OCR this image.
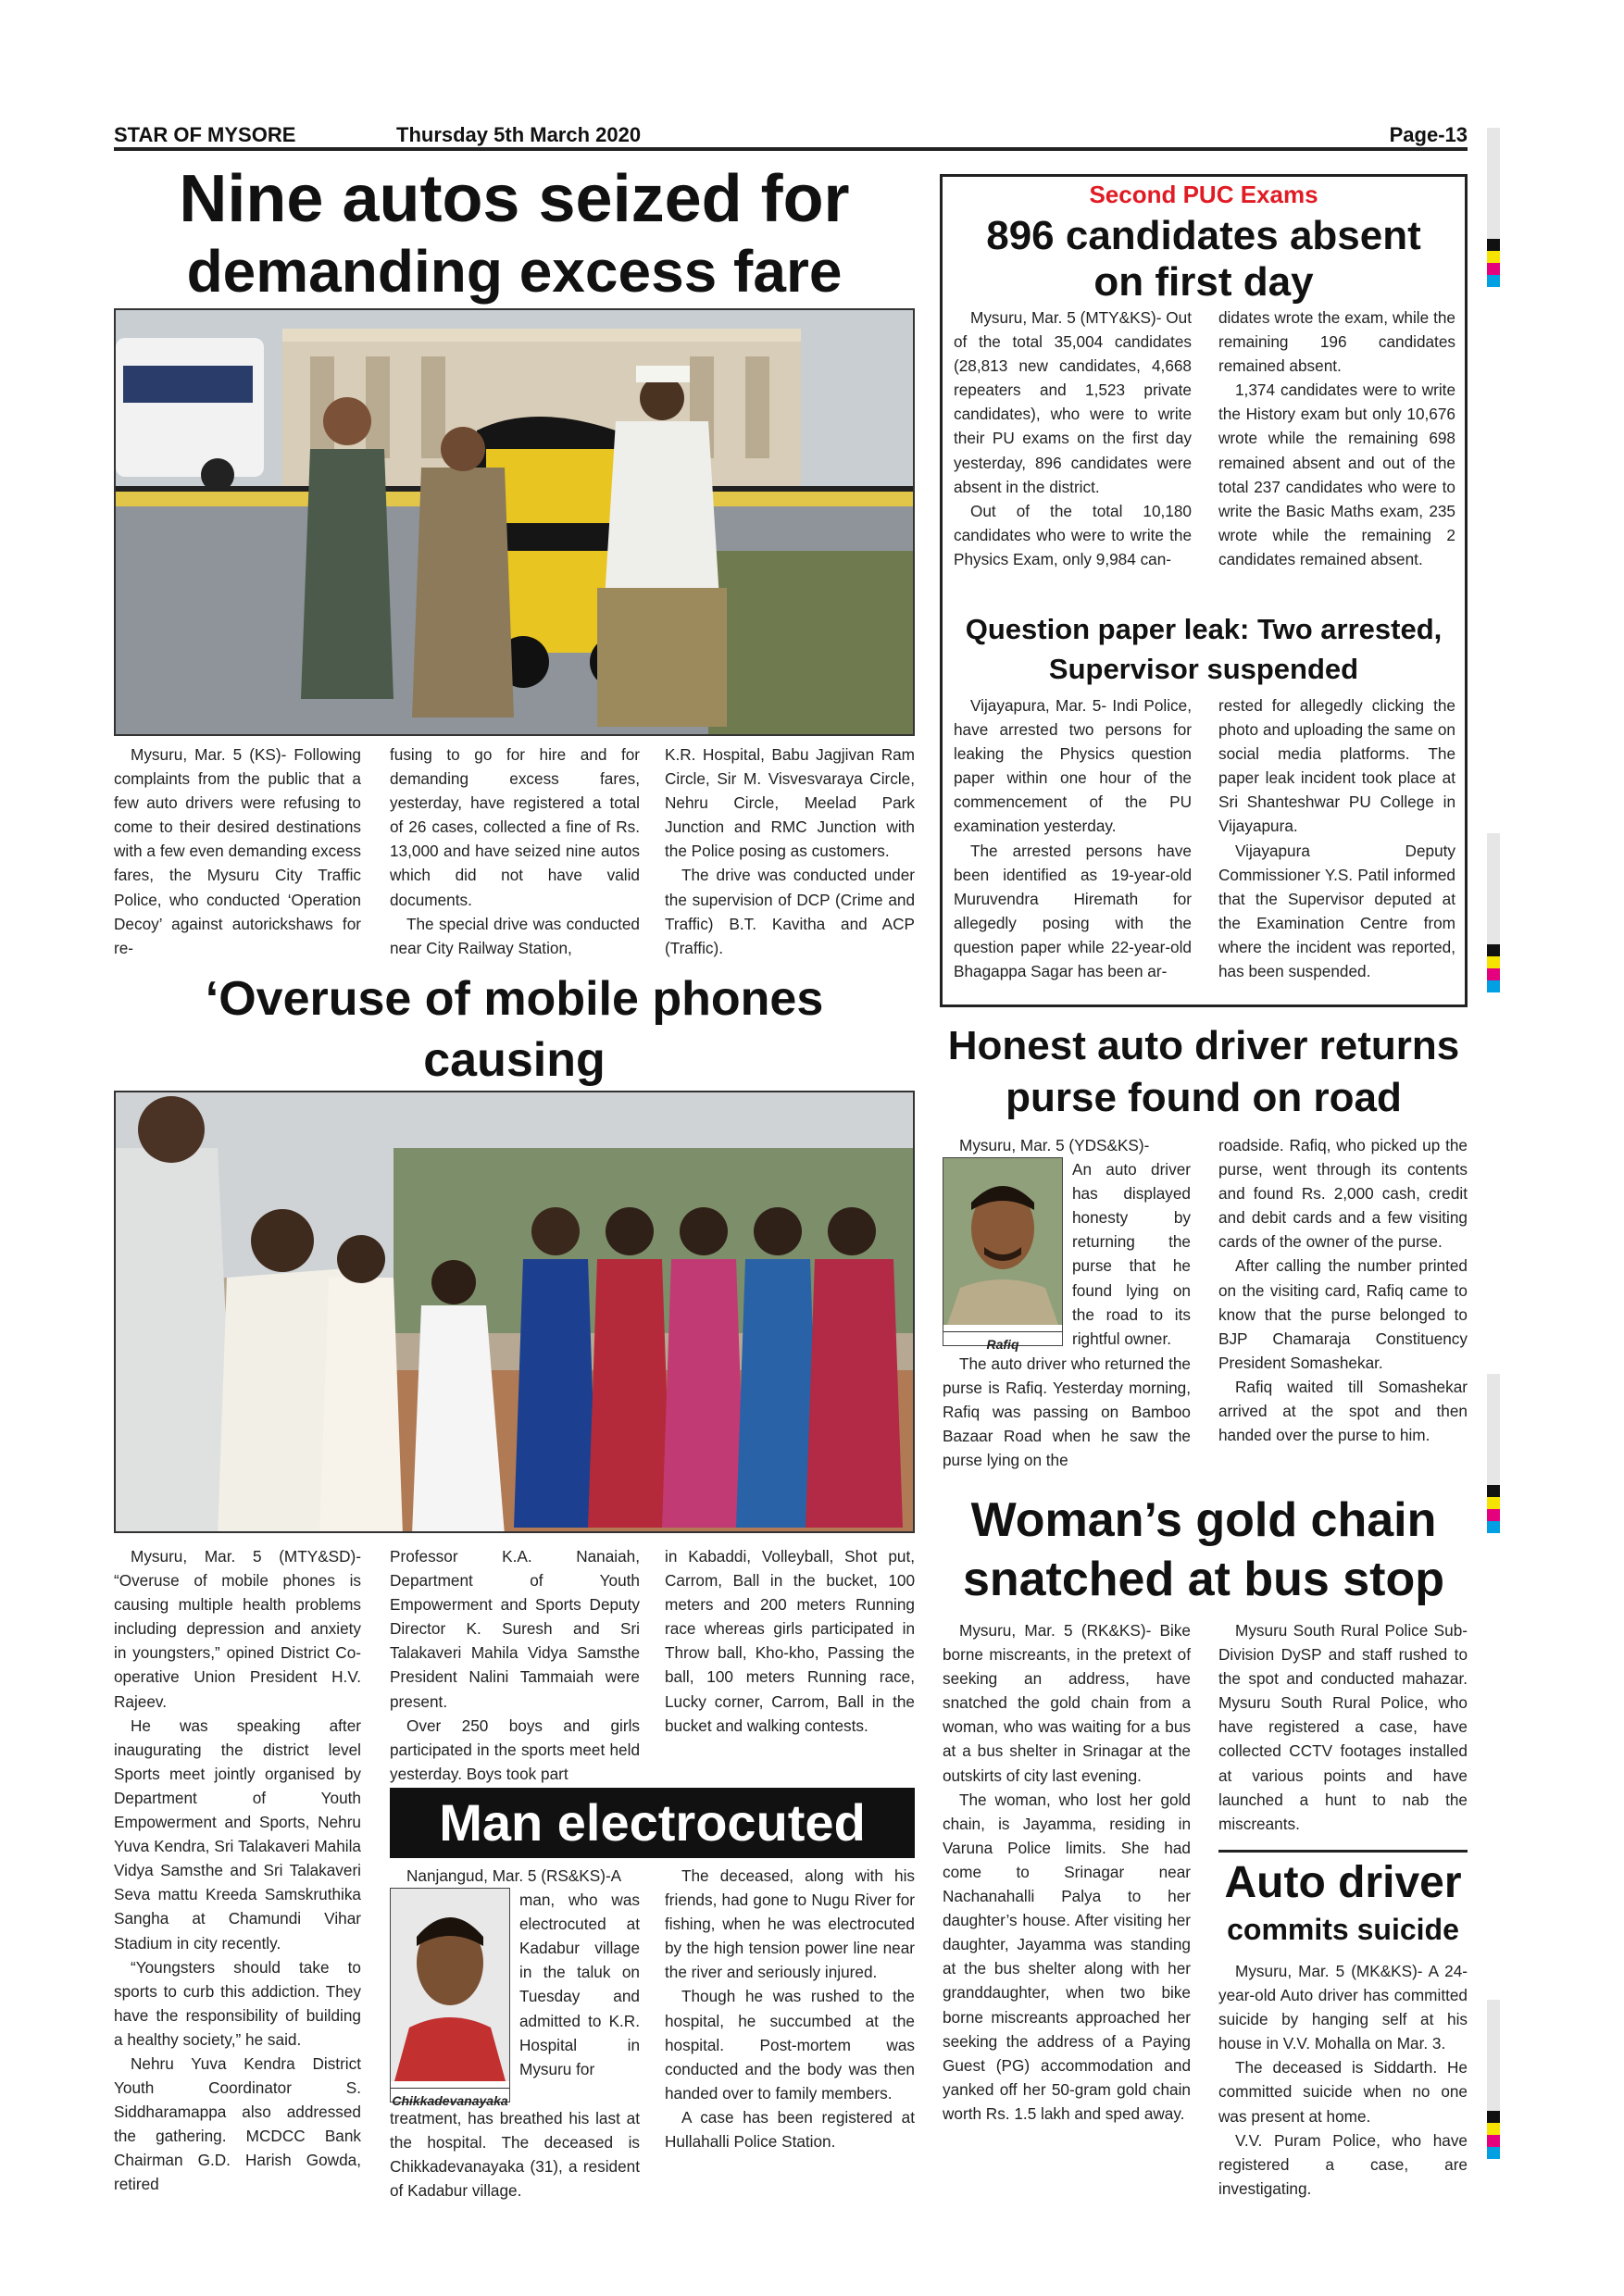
STAR OF MYSORE	Thursday 5th March 2020	Page-13
Nine autos seized for
demanding excess fare

Mysuru, Mar. 5 (KS)- Following complaints from the public that a few auto drivers were refusing to come to their desired destinations with a few even demanding excess fares, the Mysuru City Traffic Police, who conducted ‘Operation Decoy’ against autorickshaws for re-

fusing to go for hire and for demanding excess fares, yesterday, have registered a total of 26 cases, collected a fine of Rs. 13,000 and have seized nine autos which did not have valid documents.

The special drive was conducted near City Railway Station,

K.R. Hospital, Babu Jagjivan Ram Circle, Sir M. Visvesvaraya Circle, Nehru Circle, Meelad Park Junction and RMC Junction with the Police posing as customers.

The drive was conducted under the supervision of DCP (Crime and Traffic) B.T. Kavitha and ACP (Traffic).

Second PUC Exams
896 candidates absent
on first day

Mysuru, Mar. 5 (MTY&KS)- Out of the total 35,004 candidates (28,813 new candidates, 4,668 repeaters and 1,523 private candidates), who were to write their PU exams on the first day yesterday, 896 candidates were absent in the district.

Out of the total 10,180 candidates who were to write the Physics Exam, only 9,984 can-

didates wrote the exam, while the remaining 196 candidates remained absent.

1,374 candidates were to write the History exam but only 10,676 wrote while the remaining 698 remained absent and out of the total 237 candidates who were to write the Basic Maths exam, 235 wrote while the remaining 2 candidates remained absent.

Question paper leak: Two arrested,
Supervisor suspended

Vijayapura, Mar. 5- Indi Police, have arrested two persons for leaking the Physics question paper within one hour of the commencement of the PU examination yesterday.

The arrested persons have been identified as 19-year-old Muruvendra Hiremath for allegedly posing with the question paper while 22-year-old Bhagappa Sagar has been ar-

rested for allegedly clicking the photo and uploading the same on social media platforms. The paper leak incident took place at Sri Shanteshwar PU College in Vijayapura.

Vijayapura Deputy Commissioner Y.S. Patil informed that the Supervisor deputed at the Examination Centre from where the incident was reported, has been suspended.

‘Overuse of mobile phones causing

Mysuru, Mar. 5 (MTY&SD)- “Overuse of mobile phones is causing multiple health problems including depression and anxiety in youngsters,” opined District Co-operative Union President H.V. Rajeev.

He was speaking after inaugurating the district level Sports meet jointly organised by Department of Youth Empowerment and Sports, Nehru Yuva Kendra, Sri Talakaveri Mahila Vidya Samsthe and Sri Talakaveri Seva mattu Kreeda Samskruthika Sangha at Chamundi Vihar Stadium in city recently.

“Youngsters should take to sports to curb this addiction. They have the responsibility of building a healthy society,” he said.

Nehru Yuva Kendra District Youth Coordinator S. Siddharamappa also addressed the gathering. MCDCC Bank Chairman G.D. Harish Gowda, retired

Professor K.A. Nanaiah, Department of Youth Empowerment and Sports Deputy Director K. Suresh and Sri Talakaveri Mahila Vidya Samsthe President Nalini Tammaiah were present.

Over 250 boys and girls participated in the sports meet held yesterday. Boys took part

in Kabaddi, Volleyball, Shot put, Carrom, Ball in the bucket, 100 meters and 200 meters Running race whereas girls participated in Throw ball, Kho-kho, Passing the ball, 100 meters Running race, Lucky corner, Carrom, Ball in the bucket and walking contests.

Man electrocuted
Nanjangud, Mar. 5 (RS&KS)-A
Chikkadevanayaka
man, who was electrocuted at Kadabur village in the taluk on Tuesday and admitted to K.R. Hospital in Mysuru for
treatment, has breathed his last at the hospital. The deceased is Chikkadevanayaka (31), a resident of Kadabur village.

The deceased, along with his friends, had gone to Nugu River for fishing, when he was electrocuted by the high tension power line near the river and seriously injured.

Though he was rushed to the hospital, he succumbed at the hospital. Post-mortem was conducted and the body was then handed over to family members.

A case has been registered at Hullahalli Police Station.

Honest auto driver returns
purse found on road
Mysuru, Mar. 5 (YDS&KS)-
Rafiq
An auto driver has displayed honesty by returning the purse that he found lying on the road to its rightful owner.

The auto driver who returned the purse is Rafiq. Yesterday morning, Rafiq was passing on Bamboo Bazaar Road when he saw the purse lying on the

roadside. Rafiq, who picked up the purse, went through its contents and found Rs. 2,000 cash, credit and debit cards and a few visiting cards of the owner of the purse.

After calling the number printed on the visiting card, Rafiq came to know that the purse belonged to BJP Chamaraja Constituency President Somashekar.

Rafiq waited till Somashekar arrived at the spot and then handed over the purse to him.

Woman’s gold chain
snatched at bus stop

Mysuru, Mar. 5 (RK&KS)- Bike borne miscreants, in the pretext of seeking an address, have snatched the gold chain from a woman, who was waiting for a bus at a bus shelter in Srinagar at the outskirts of city last evening.

The woman, who lost her gold chain, is Jayamma, residing in Varuna Police limits. She had come to Srinagar near Nachanahalli Palya to her daughter’s house. After visiting her daughter, Jayamma was standing at the bus shelter along with her granddaughter, when two bike borne miscreants approached her seeking the address of a Paying Guest (PG) accommodation and yanked off her 50-gram gold chain worth Rs. 1.5 lakh and sped away.

Mysuru South Rural Police Sub-Division DySP and staff rushed to the spot and conducted mahazar. Mysuru South Rural Police, who have registered a case, have collected CCTV footages installed at various points and have launched a hunt to nab the miscreants.

Auto driver
commits suicide

Mysuru, Mar. 5 (MK&KS)- A 24-year-old Auto driver has committed suicide by hanging self at his house in V.V. Mohalla on Mar. 3.

The deceased is Siddarth. He committed suicide when no one was present at home.

V.V. Puram Police, who have registered a case, are investigating.
